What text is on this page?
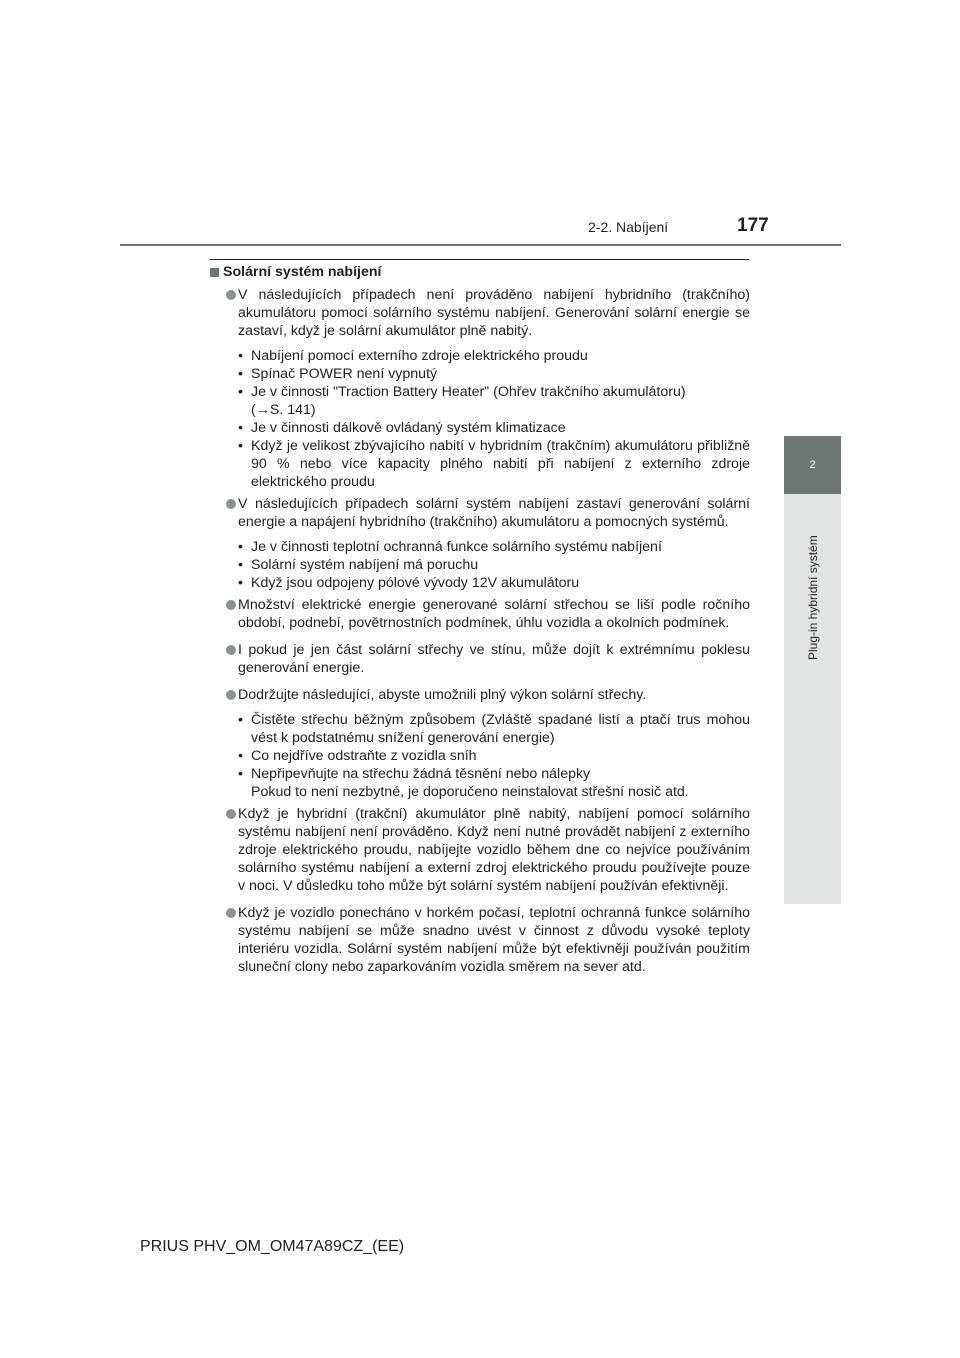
2-2. Nabíjení	177
2
Plug-in hybridní systém
Solární systém nabíjení
V následujících případech není prováděno nabíjení hybridního (trakčního) akumulátoru pomocí solárního systému nabíjení. Generování solární energie se zastaví, když je solární akumulátor plně nabitý.
• Nabíjení pomocí externího zdroje elektrického proudu
• Spínač POWER není vypnutý
• Je v činnosti "Traction Battery Heater" (Ohřev trakčního akumulátoru)
(→S. 141)
• Je v činnosti dálkově ovládaný systém klimatizace
• Když je velikost zbývajícího nabití v hybridním (trakčním) akumulátoru přibližně 90 % nebo více kapacity plného nabití při nabíjení z externího zdroje elektrického proudu
V následujících případech solární systém nabíjení zastaví generování solární energie a napájení hybridního (trakčního) akumulátoru a pomocných systémů.
• Je v činnosti teplotní ochranná funkce solárního systému nabíjení
• Solární systém nabíjení má poruchu
• Když jsou odpojeny pólové vývody 12V akumulátoru
Množství elektrické energie generované solární střechou se liší podle ročního období, podnebí, povětrnostních podmínek, úhlu vozidla a okolních podmínek.
I pokud je jen část solární střechy ve stínu, může dojít k extrémnímu poklesu generování energie.
Dodržujte následující, abyste umožnili plný výkon solární střechy.
• Čistěte střechu běžným způsobem (Zvláště spadané listí a ptačí trus mohou vést k podstatnému snížení generování energie)
• Co nejdříve odstraňte z vozidla sníh
• Nepřipevňujte na střechu žádná těsnění nebo nálepky
Pokud to není nezbytné, je doporučeno neinstalovat střešní nosič atd.
Když je hybridní (trakční) akumulátor plně nabitý, nabíjení pomocí solárního systému nabíjení není prováděno. Když není nutné provádět nabíjení z externího zdroje elektrického proudu, nabíjejte vozidlo během dne co nejvíce používáním solárního systému nabíjení a externí zdroj elektrického proudu používejte pouze v noci. V důsledku toho může být solární systém nabíjení používán efektivněji.
Když je vozidlo ponecháno v horkém počasí, teplotní ochranná funkce solárního systému nabíjení se může snadno uvést v činnost z důvodu vysoké teploty interiéru vozidla. Solární systém nabíjení může být efektivněji používán použitím sluneční clony nebo zaparkováním vozidla směrem na sever atd.
PRIUS PHV_OM_OM47A89CZ_(EE)
